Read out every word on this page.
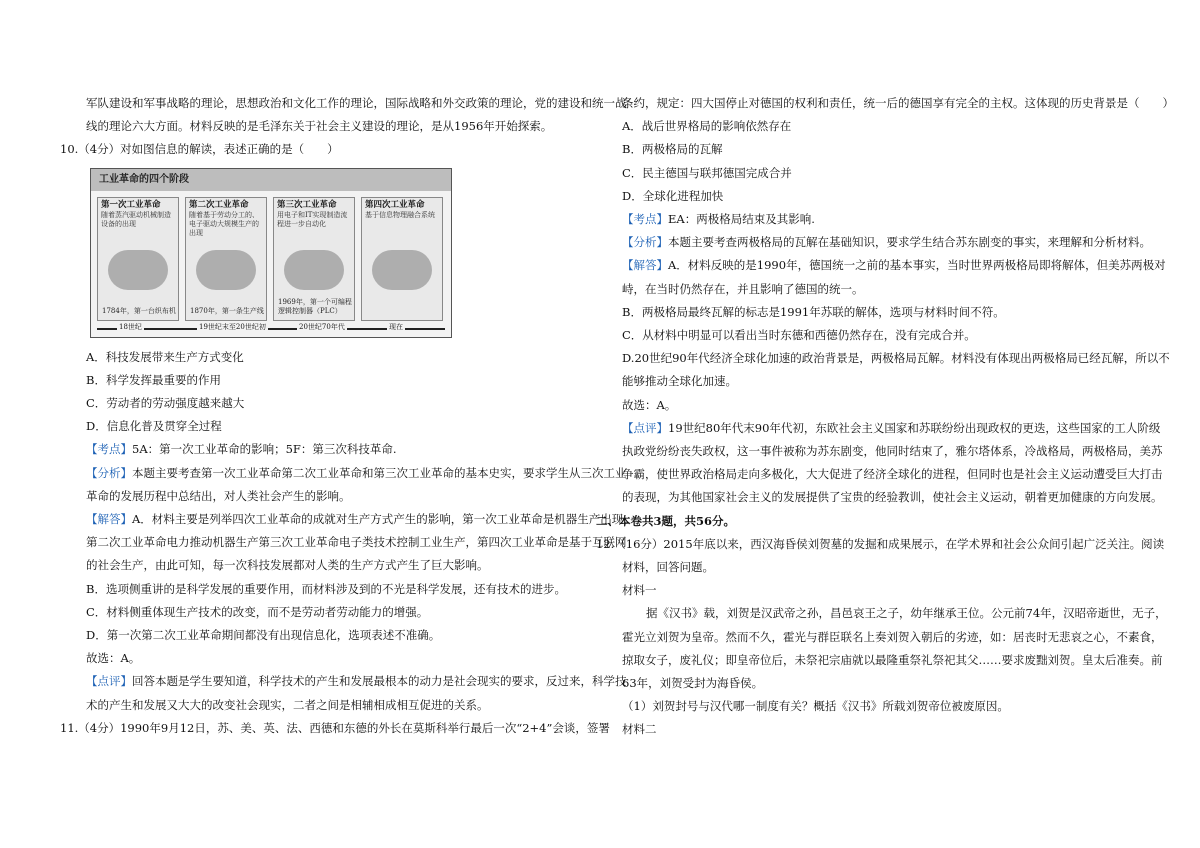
军队建设和军事战略的理论，思想政治和文化工作的理论，国际战略和外交政策的理论，党的建设和统一战

线的理论六大方面。材料反映的是毛泽东关于社会主义建设的理论，是从1956年开始探索。

10.（4分）对如图信息的解读，表述正确的是（　　）

工业革命的四个阶段
第一次工业革命
随着蒸汽驱动机械制造设备的出现
1784年，第一台织布机
第二次工业革命
随着基于劳动分工的、电子驱动大规模生产的出现
1870年，第一条生产线
第三次工业革命
用电子和IT实现制造流程进一步自动化
1969年，第一个可编程逻辑控制器（PLC）
第四次工业革命
基于信息物理融合系统
18世纪	19世纪末至20世纪初	20世纪70年代	现在

A．科技发展带来生产方式变化

B．科学发挥最重要的作用

C．劳动者的劳动强度越来越大

D．信息化普及贯穿全过程

【考点】5A：第一次工业革命的影响；5F：第三次科技革命.

【分析】本题主要考查第一次工业革命第二次工业革命和第三次工业革命的基本史实，要求学生从三次工业

革命的发展历程中总结出，对人类社会产生的影响。

【解答】A．材料主要是列举四次工业革命的成就对生产方式产生的影响，第一次工业革命是机器生产出现，

第二次工业革命电力推动机器生产第三次工业革命电子类技术控制工业生产，第四次工业革命是基于互联网

的社会生产，由此可知，每一次科技发展都对人类的生产方式产生了巨大影响。

B．选项侧重讲的是科学发展的重要作用，而材料涉及到的不光是科学发展，还有技术的进步。

C．材料侧重体现生产技术的改变，而不是劳动者劳动能力的增强。

D．第一次第二次工业革命期间都没有出现信息化，选项表述不准确。

故选：A。

【点评】回答本题是学生要知道，科学技术的产生和发展最根本的动力是社会现实的要求，反过来，科学技

术的产生和发展又大大的改变社会现实，二者之间是相辅相成相互促进的关系。

11.（4分）1990年9月12日，苏、美、英、法、西德和东德的外长在莫斯科举行最后一次“2+4”会谈，签署

条约，规定：四大国停止对德国的权利和责任，统一后的德国享有完全的主权。这体现的历史背景是（　　）

A．战后世界格局的影响依然存在

B．两极格局的瓦解

C．民主德国与联邦德国完成合并

D．全球化进程加快

【考点】EA：两极格局结束及其影响.

【分析】本题主要考查两极格局的瓦解在基础知识，要求学生结合苏东剧变的事实，来理解和分析材料。

【解答】A．材料反映的是1990年，德国统一之前的基本事实，当时世界两极格局即将解体，但美苏两极对

峙，在当时仍然存在，并且影响了德国的统一。

B．两极格局最终瓦解的标志是1991年苏联的解体，选项与材料时间不符。

C．从材料中明显可以看出当时东德和西德仍然存在，没有完成合并。

D.20世纪90年代经济全球化加速的政治背景是，两极格局瓦解。材料没有体现出两极格局已经瓦解，所以不

能够推动全球化加速。

故选：A。

【点评】19世纪80年代末90年代初，东欧社会主义国家和苏联纷纷出现政权的更迭，这些国家的工人阶级

执政党纷纷丧失政权，这一事件被称为苏东剧变，他同时结束了，雅尔塔体系，冷战格局，两极格局，美苏

争霸，使世界政治格局走向多极化，大大促进了经济全球化的进程，但同时也是社会主义运动遭受巨大打击

的表现，为其他国家社会主义的发展提供了宝贵的经验教训，使社会主义运动，朝着更加健康的方向发展。

二、本卷共3题，共56分。

12.（16分）2015年底以来，西汉海昏侯刘贺墓的发掘和成果展示，在学术界和社会公众间引起广泛关注。阅读

材料，回答问题。

材料一

据《汉书》载，刘贺是汉武帝之孙，昌邑哀王之子，幼年继承王位。公元前74年，汉昭帝逝世，无子，

霍光立刘贺为皇帝。然而不久，霍光与群臣联名上奏刘贺入朝后的劣迹，如：居丧时无悲哀之心，不素食，

掠取女子，废礼仪；即皇帝位后，未祭祀宗庙就以最隆重祭礼祭祀其父……要求废黜刘贺。皇太后准奏。前

63年，刘贺受封为海昏侯。

（1）刘贺封号与汉代哪一制度有关？概括《汉书》所载刘贺帝位被废原因。

材料二
